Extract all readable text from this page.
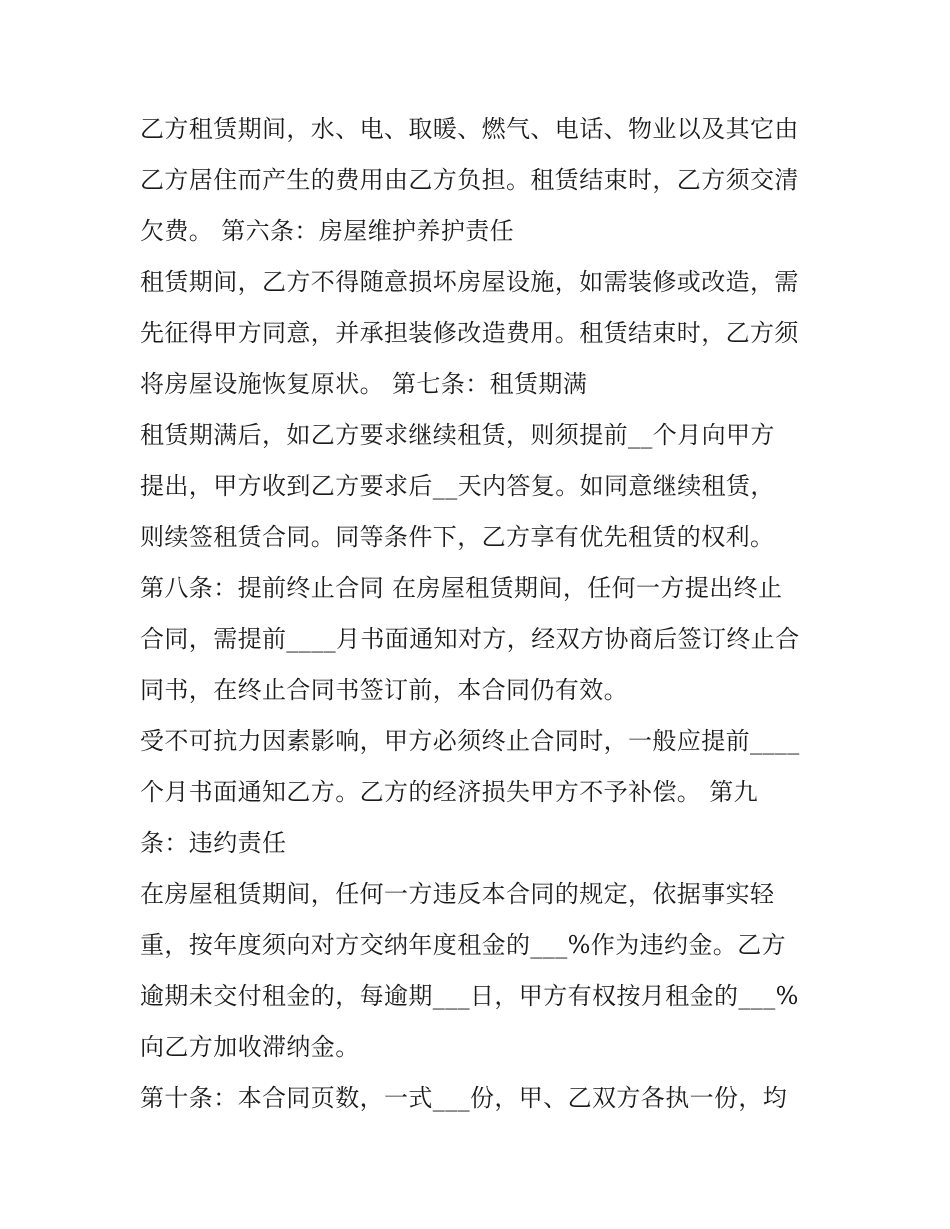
乙方租赁期间，水、电、取暖、燃气、电话、物业以及其它由
乙方居住而产生的费用由乙方负担。租赁结束时，乙方须交清
欠费。 第六条：房屋维护养护责任
租赁期间，乙方不得随意损坏房屋设施，如需装修或改造，需
先征得甲方同意，并承担装修改造费用。租赁结束时，乙方须
将房屋设施恢复原状。 第七条：租赁期满
租赁期满后，如乙方要求继续租赁，则须提前__个月向甲方
提出，甲方收到乙方要求后__天内答复。如同意继续租赁，
则续签租赁合同。同等条件下，乙方享有优先租赁的权利。
第八条：提前终止合同 在房屋租赁期间，任何一方提出终止
合同，需提前____月书面通知对方，经双方协商后签订终止合
同书，在终止合同书签订前，本合同仍有效。
受不可抗力因素影响，甲方必须终止合同时，一般应提前____
个月书面通知乙方。乙方的经济损失甲方不予补偿。 第九
条：违约责任
在房屋租赁期间，任何一方违反本合同的规定，依据事实轻
重，按年度须向对方交纳年度租金的___%作为违约金。乙方
逾期未交付租金的，每逾期___日，甲方有权按月租金的___%
向乙方加收滞纳金。
第十条：本合同页数，一式___份，甲、乙双方各执一份，均
